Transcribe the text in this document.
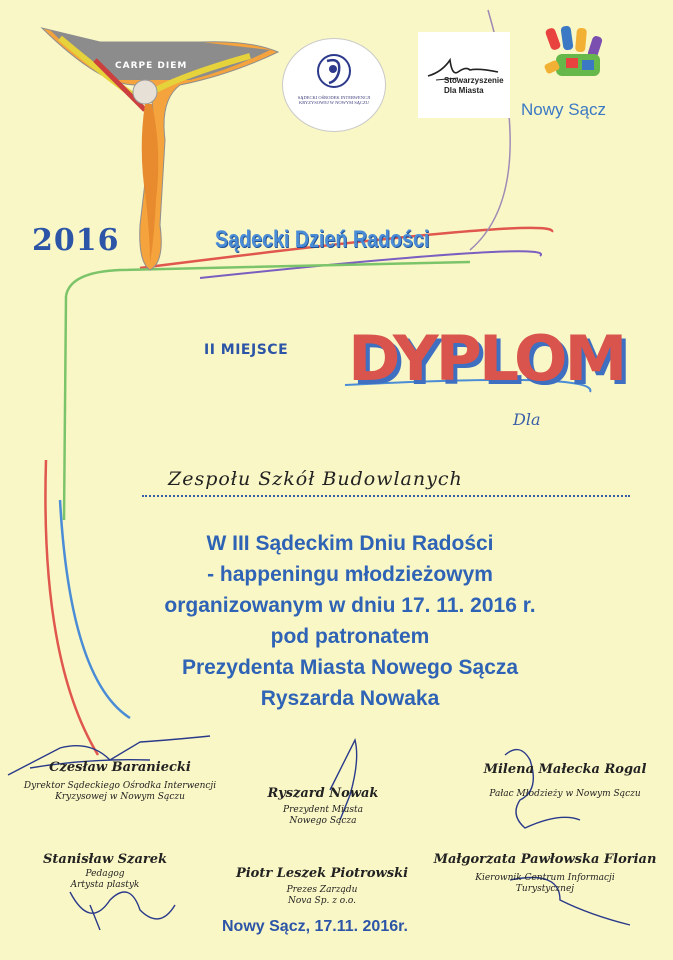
CARPE DIEM
SĄDECKI OŚRODEK INTERWENCJI KRYZYSOWEJ W NOWYM SĄCZU
Stowarzyszenie Dla Miasta
Nowy Sącz
2016	Sądecki Dzień Radości
II MIEJSCE DYPLOM
Dla
Zespołu Szkół Budowlanych
W III Sądeckim Dniu Radości
- happeningu młodzieżowym
organizowanym w dniu 17. 11. 2016 r.
pod patronatem
Prezydenta Miasta Nowego Sącza
Ryszarda Nowaka
Czesław Baraniecki
Dyrektor Sądeckiego Ośrodka Interwencji Kryzysowej w Nowym Sączu	Ryszard Nowak
Prezydent Miasta Nowego Sącza
Milena Małecka Rogal
Pałac Młodzieży w Nowym Sączu
Stanisław Szarek
Pedagog Artysta plastyk
Piotr Leszek Piotrowski
Prezes Zarządu Nova Sp. z o.o.
Małgorzata Pawłowska Florian
Kierownik Centrum Informacji Turystycznej
Nowy Sącz, 17.11. 2016r.
